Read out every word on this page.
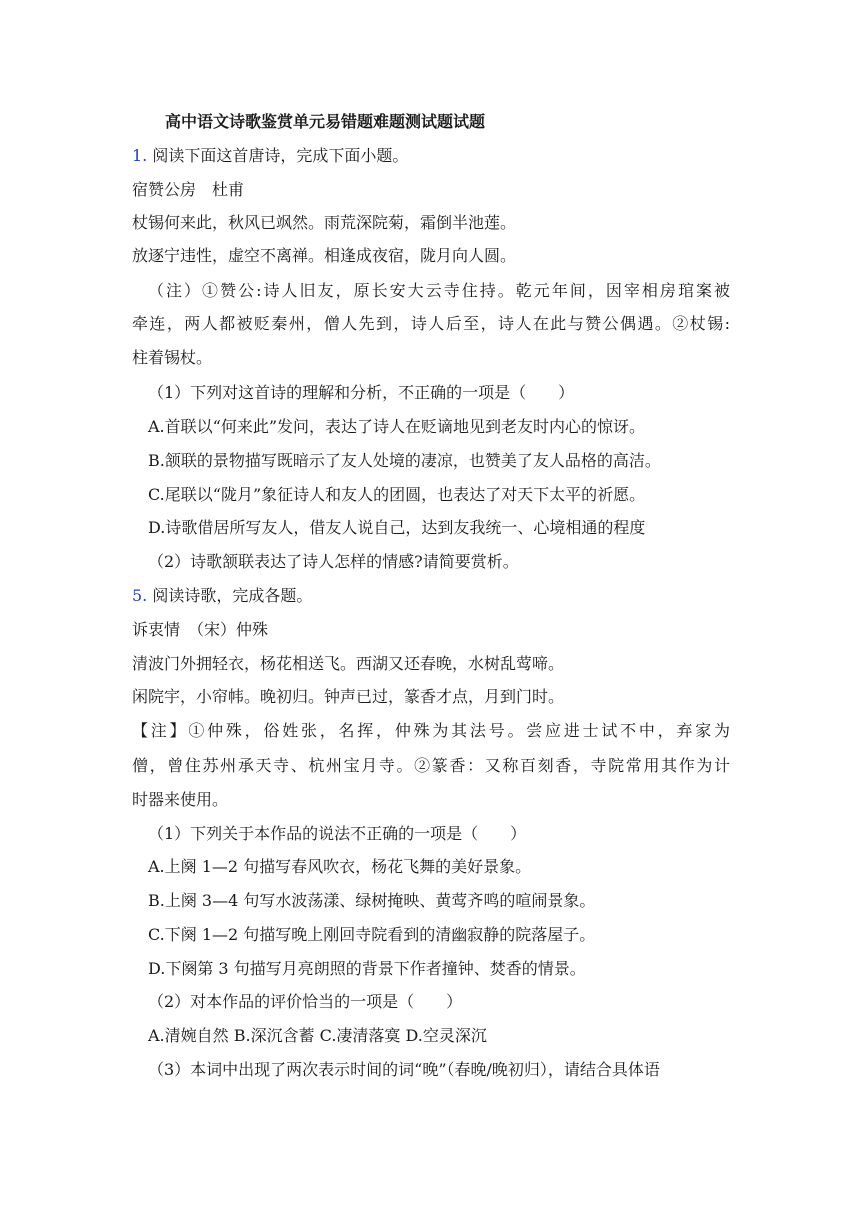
高中语文诗歌鉴赏单元易错题难题测试题试题
1. 阅读下面这首唐诗，完成下面小题。
宿赞公房　杜甫
杖锡何来此，秋风已飒然。雨荒深院菊，霜倒半池莲。
放逐宁违性，虚空不离禅。相逢成夜宿，陇月向人圆。
（注）①赞公:诗人旧友，原长安大云寺住持。乾元年间，因宰相房琯案被
牵连，两人都被贬秦州，僧人先到，诗人后至，诗人在此与赞公偶遇。②杖锡:
柱着锡杖。
（1）下列对这首诗的理解和分析，不正确的一项是（　　）
A.首联以“何来此”发问，表达了诗人在贬谪地见到老友时内心的惊讶。
B.颔联的景物描写既暗示了友人处境的凄凉，也赞美了友人品格的高洁。
C.尾联以“陇月”象征诗人和友人的团圆，也表达了对天下太平的祈愿。
D.诗歌借居所写友人，借友人说自己，达到友我统一、心境相通的程度
（2）诗歌颔联表达了诗人怎样的情感?请简要赏析。
5. 阅读诗歌，完成各题。
诉衷情　（宋）仲殊
清波门外拥轻衣，杨花相送飞。西湖又还春晚，水树乱莺啼。
闲院宇，小帘帏。晚初归。钟声已过，篆香才点，月到门时。
【注】①仲殊，俗姓张，名挥，仲殊为其法号。尝应进士试不中，弃家为
僧，曾住苏州承天寺、杭州宝月寺。②篆香：又称百刻香，寺院常用其作为计
时器来使用。
（1）下列关于本作品的说法不正确的一项是（　　）
A.上阕 1—2 句描写春风吹衣，杨花飞舞的美好景象。
B.上阕 3—4 句写水波荡漾、绿树掩映、黄莺齐鸣的喧闹景象。
C.下阕 1—2 句描写晚上刚回寺院看到的清幽寂静的院落屋子。
D.下阕第 3 句描写月亮朗照的背景下作者撞钟、焚香的情景。
（2）对本作品的评价恰当的一项是（　　）
A.清婉自然 B.深沉含蓄 C.凄清落寞 D.空灵深沉
（3）本词中出现了两次表示时间的词“晚”（春晚/晚初归），请结合具体语
